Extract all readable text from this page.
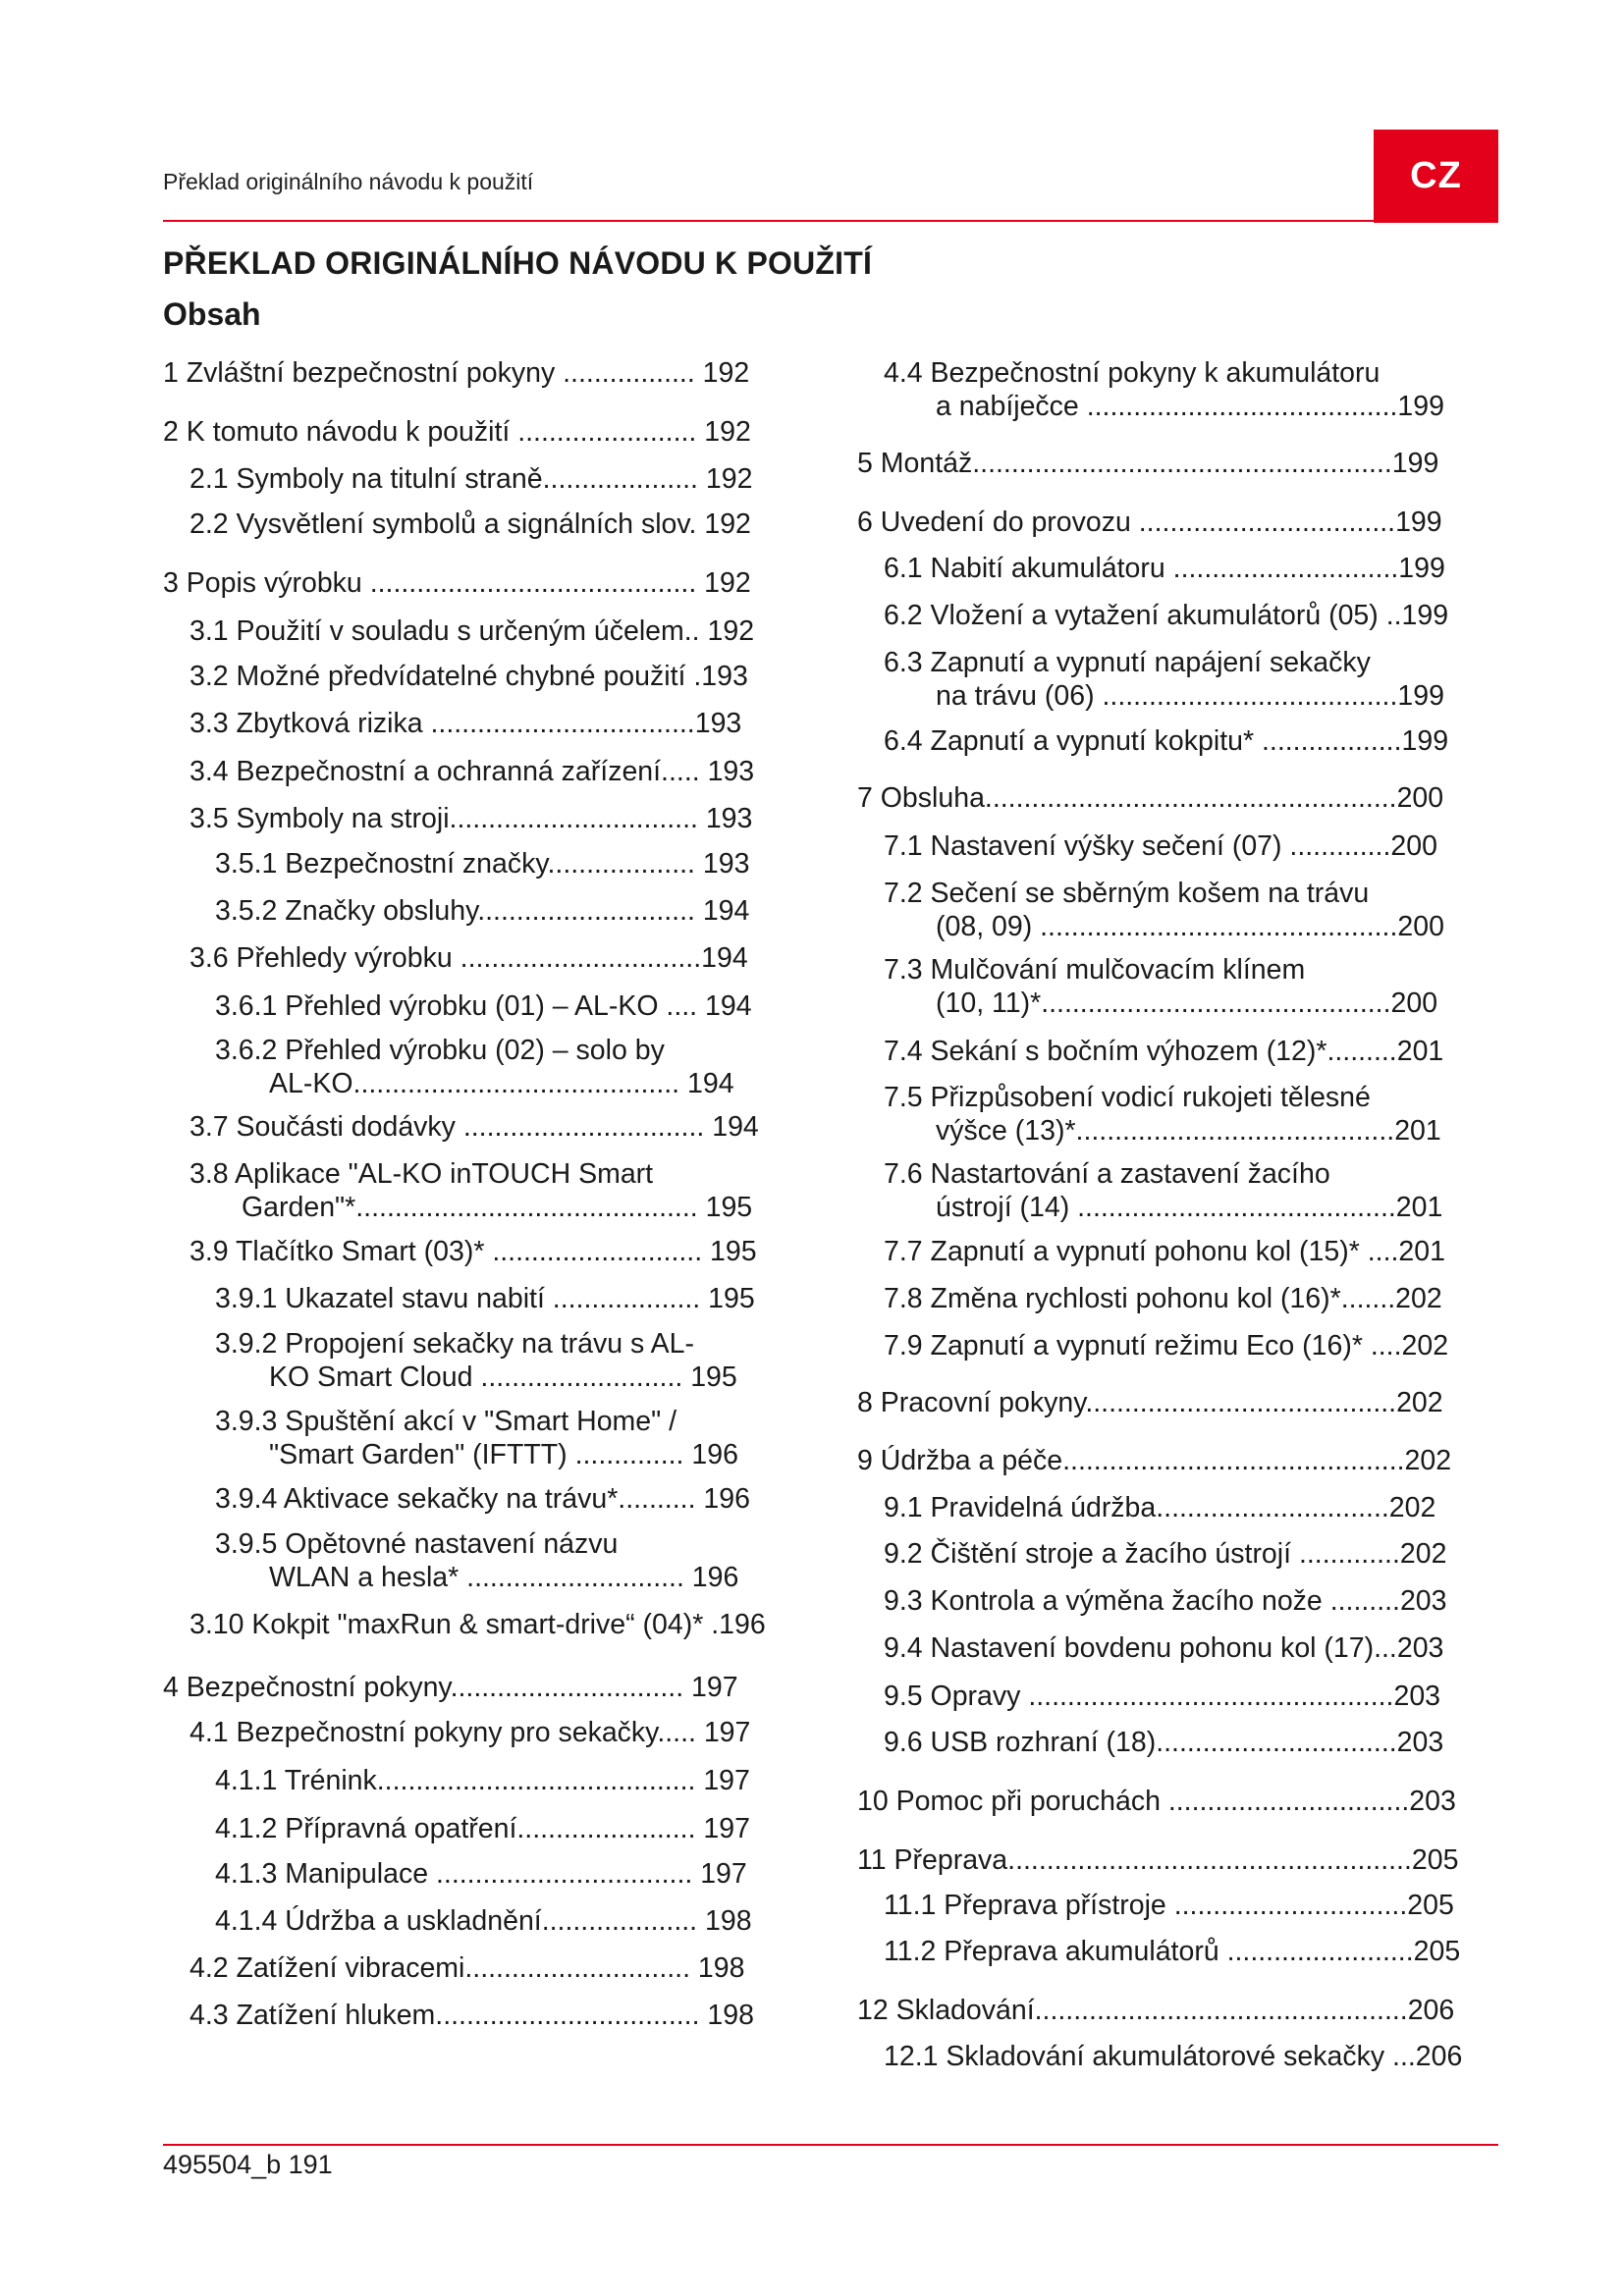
Překlad originálního návodu k použití	CZ
PŘEKLAD ORIGINÁLNÍHO NÁVODU K POUŽITÍ
Obsah
1 Zvláštní bezpečnostní pokyny ................. 192
2 K tomuto návodu k použití ....................... 192
2.1 Symboly na titulní straně.................... 192
2.2 Vysvětlení symbolů a signálních slov. 192
3 Popis výrobku .......................................... 192
3.1 Použití v souladu s určeným účelem.. 192
3.2 Možné předvídatelné chybné použití .193
3.3 Zbytková rizika ..................................193
3.4 Bezpečnostní a ochranná zařízení..... 193
3.5 Symboly na stroji................................ 193
3.5.1 Bezpečnostní značky................... 193
3.5.2 Značky obsluhy............................ 194
3.6 Přehledy výrobku ...............................194
3.6.1 Přehled výrobku (01) – AL-KO .... 194
3.6.2 Přehled výrobku (02) – solo by
AL-KO.......................................... 194
3.7 Součásti dodávky ............................... 194
3.8 Aplikace "AL-KO inTOUCH Smart
Garden"*............................................ 195
3.9 Tlačítko Smart (03)* ........................... 195
3.9.1 Ukazatel stavu nabití ................... 195
3.9.2 Propojení sekačky na trávu s AL-
KO Smart Cloud .......................... 195
3.9.3 Spuštění akcí v "Smart Home" /
"Smart Garden" (IFTTT) .............. 196
3.9.4 Aktivace sekačky na trávu*.......... 196
3.9.5 Opětovné nastavení názvu
WLAN a hesla* ............................ 196
3.10 Kokpit "maxRun & smart-drive“ (04)* .196
4 Bezpečnostní pokyny.............................. 197
4.1 Bezpečnostní pokyny pro sekačky..... 197
4.1.1 Trénink......................................... 197
4.1.2 Přípravná opatření....................... 197
4.1.3 Manipulace ................................. 197
4.1.4 Údržba a uskladnění.................... 198
4.2 Zatížení vibracemi............................. 198
4.3 Zatížení hlukem.................................. 198
4.4 Bezpečnostní pokyny k akumulátoru
a nabíječce ........................................199
5 Montáž......................................................199
6 Uvedení do provozu .................................199
6.1 Nabití akumulátoru .............................199
6.2 Vložení a vytažení akumulátorů (05) ..199
6.3 Zapnutí a vypnutí napájení sekačky
na trávu (06) ......................................199
6.4 Zapnutí a vypnutí kokpitu* ..................199
7 Obsluha.....................................................200
7.1 Nastavení výšky sečení (07) .............200
7.2 Sečení se sběrným košem na trávu
(08, 09) ..............................................200
7.3 Mulčování mulčovacím klínem
(10, 11)*.............................................200
7.4 Sekání s bočním výhozem (12)*.........201
7.5 Přizpůsobení vodicí rukojeti tělesné
výšce (13)*.........................................201
7.6 Nastartování a zastavení žacího
ústrojí (14) .........................................201
7.7 Zapnutí a vypnutí pohonu kol (15)* ....201
7.8 Změna rychlosti pohonu kol (16)*.......202
7.9 Zapnutí a vypnutí režimu Eco (16)* ....202
8 Pracovní pokyny........................................202
9 Údržba a péče............................................202
9.1 Pravidelná údržba..............................202
9.2 Čištění stroje a žacího ústrojí .............202
9.3 Kontrola a výměna žacího nože .........203
9.4 Nastavení bovdenu pohonu kol (17)...203
9.5 Opravy ...............................................203
9.6 USB rozhraní (18)...............................203
10 Pomoc při poruchách ...............................203
11 Přeprava....................................................205
11.1 Přeprava přístroje ..............................205
11.2 Přeprava akumulátorů ........................205
12 Skladování................................................206
12.1 Skladování akumulátorové sekačky ...206
495504_b 191
